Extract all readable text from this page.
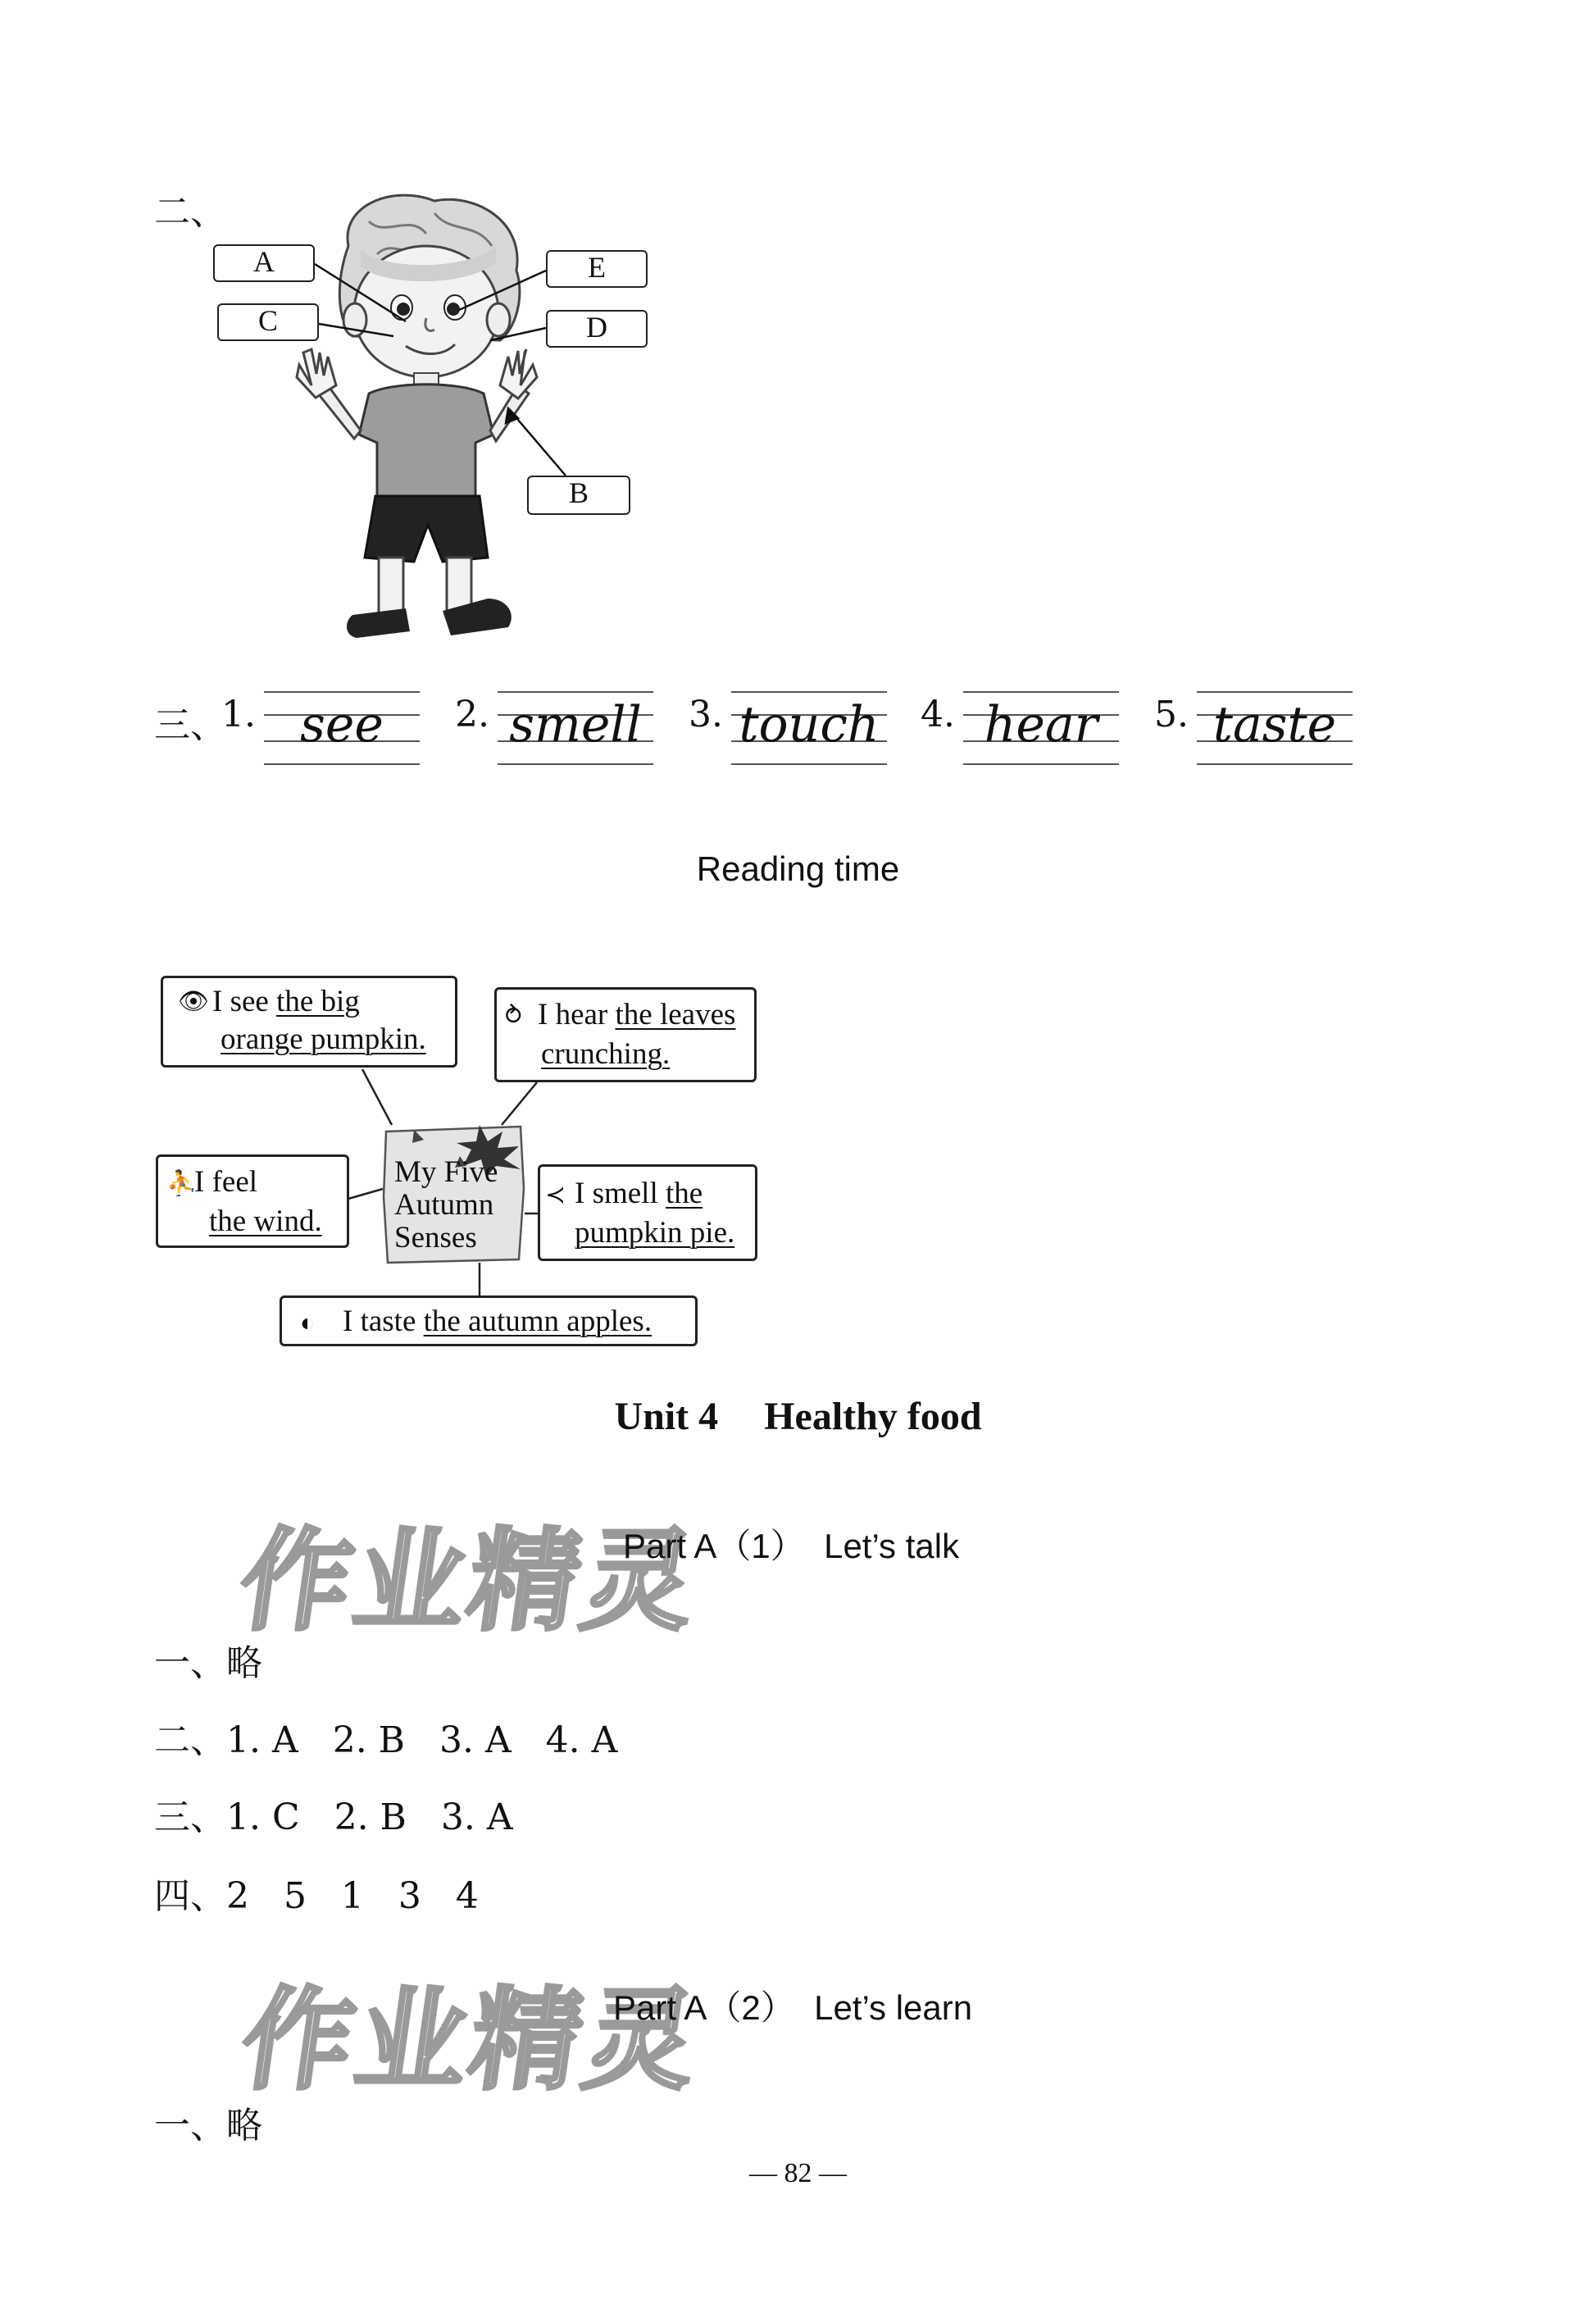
二、
A
C
E
D
B
三、
1. see	2. smell	3. touch 4. hear	5. taste
Reading time
My Five
Autumn
Senses
👁 I see the big
orange pumpkin.
⥁ I hear the leaves
crunching.
⛹I feel
the wind.
≺ I smell the
pumpkin pie.
◐ I taste the autumn apples.
Unit 4 Healthy food
作业精灵
Part A（1）  Let’s talk
一、略
二、1. A   2. B   3. A   4. A
三、1. C   2. B   3. A
四、2   5   1   3   4
作业精灵
Part A（2）  Let’s learn
一、略
— 82 —
